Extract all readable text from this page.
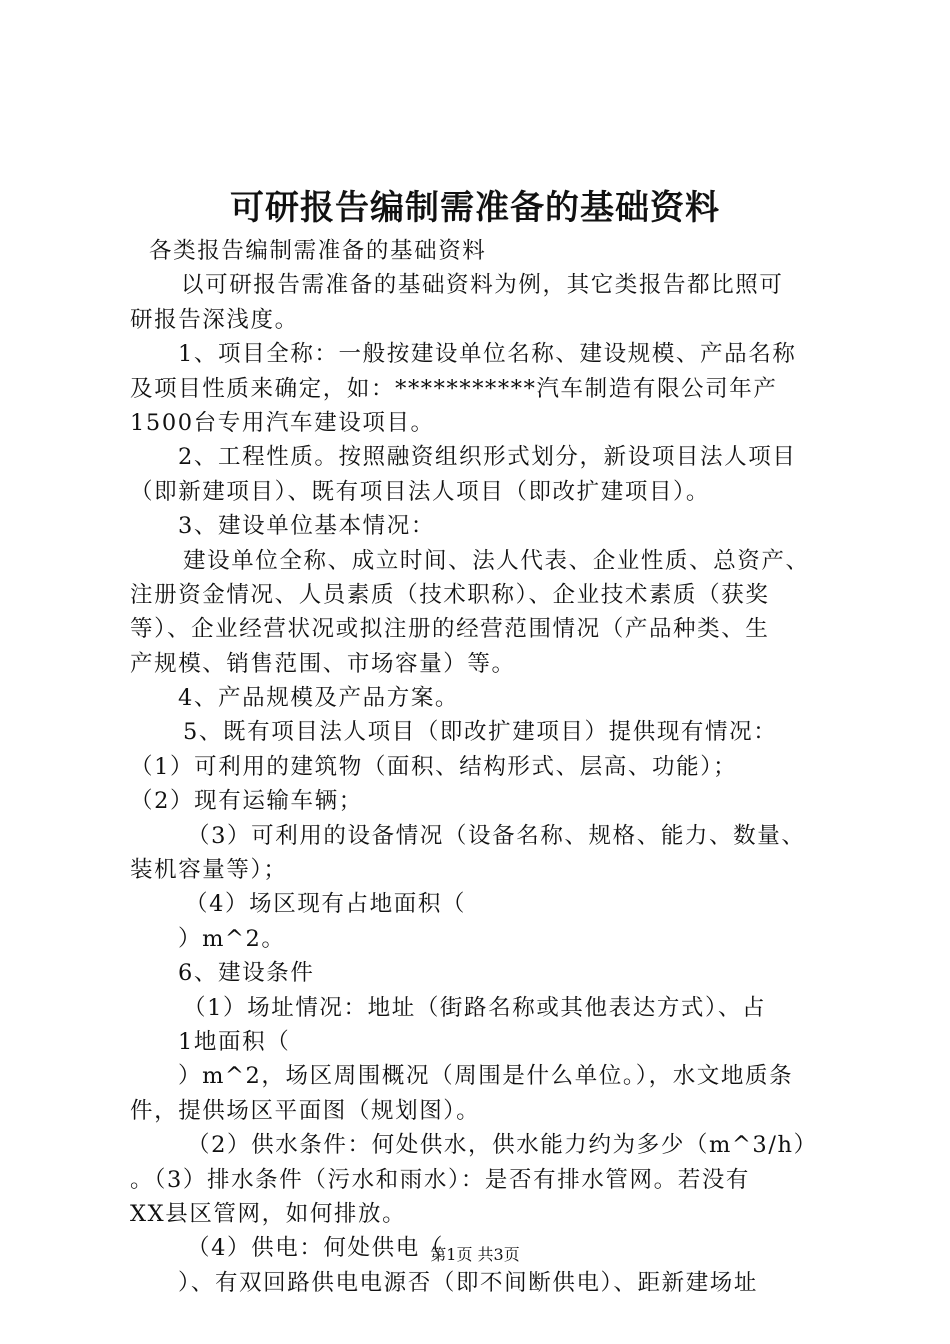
可研报告编制需准备的基础资料
各类报告编制需准备的基础资料
以可研报告需准备的基础资料为例，其它类报告都比照可
研报告深浅度。
1、项目全称：一般按建设单位名称、建设规模、产品名称
及项目性质来确定，如：***********汽车制造有限公司年产
1500台专用汽车建设项目。
2、工程性质。按照融资组织形式划分，新设项目法人项目
（即新建项目）、既有项目法人项目（即改扩建项目）。
3、建设单位基本情况：
建设单位全称、成立时间、法人代表、企业性质、总资产、
注册资金情况、人员素质（技术职称）、企业技术素质（获奖
等）、企业经营状况或拟注册的经营范围情况（产品种类、生
产规模、销售范围、市场容量）等。
4、产品规模及产品方案。
5、既有项目法人项目（即改扩建项目）提供现有情况：
（1）可利用的建筑物（面积、结构形式、层高、功能）；
（2）现有运输车辆；
（3）可利用的设备情况（设备名称、规格、能力、数量、
装机容量等）；
（4）场区现有占地面积（
）m^2。
6、建设条件
（1）场址情况：地址（街路名称或其他表达方式）、占
1地面积（
）m^2，场区周围概况（周围是什么单位。），水文地质条
件，提供场区平面图（规划图）。
（2）供水条件：何处供水，供水能力约为多少（m^3/h）
。（3）排水条件（污水和雨水）：是否有排水管网。若没有
XX县区管网，如何排放。
（4）供电：何处供电（
）、有双回路供电电源否（即不间断供电）、距新建场址
第1页 共3页
